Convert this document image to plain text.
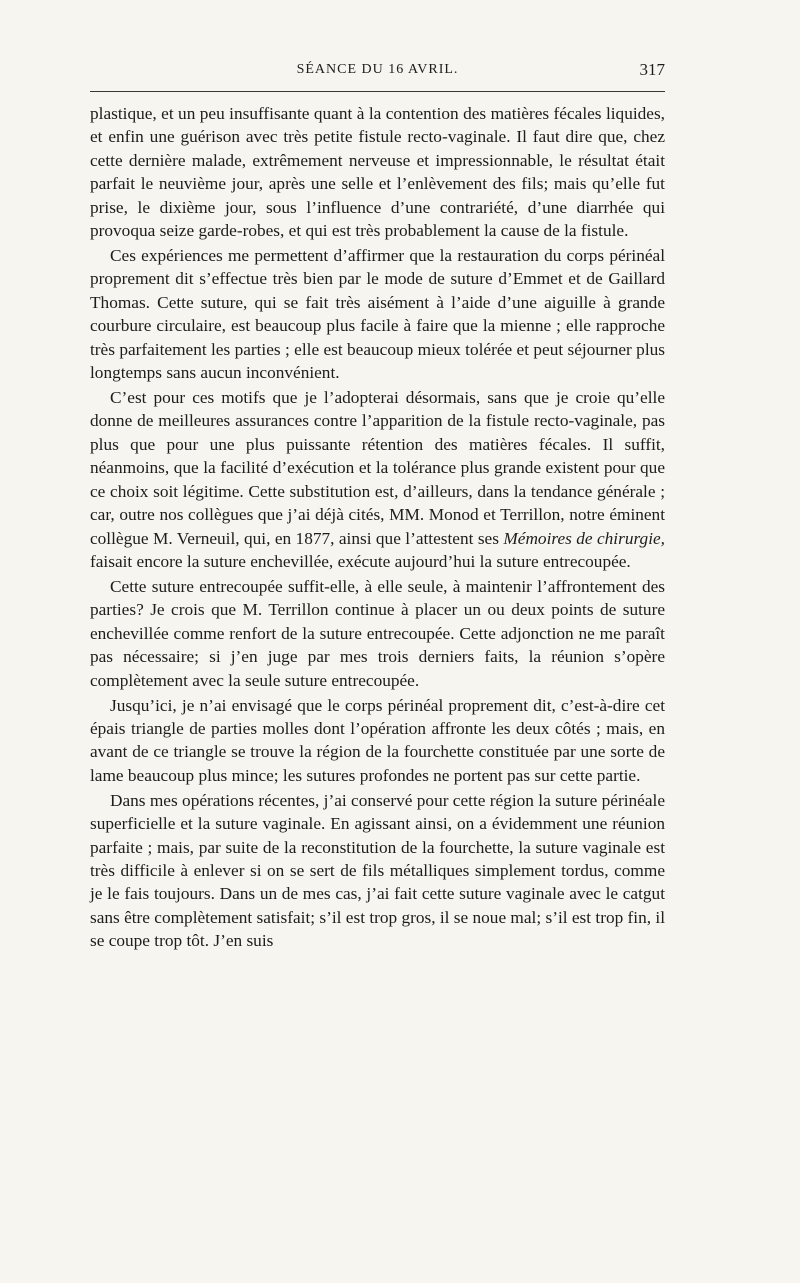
SÉANCE DU 16 AVRIL.	317

plastique, et un peu insuffisante quant à la contention des matières fécales liquides, et enfin une guérison avec très petite fistule recto-vaginale. Il faut dire que, chez cette dernière malade, extrêmement nerveuse et impressionnable, le résultat était parfait le neuvième jour, après une selle et l’enlèvement des fils; mais qu’elle fut prise, le dixième jour, sous l’influence d’une contrariété, d’une diarrhée qui provoqua seize garde-robes, et qui est très probablement la cause de la fistule.

Ces expériences me permettent d’affirmer que la restauration du corps périnéal proprement dit s’effectue très bien par le mode de suture d’Emmet et de Gaillard Thomas. Cette suture, qui se fait très aisément à l’aide d’une aiguille à grande courbure circulaire, est beaucoup plus facile à faire que la mienne ; elle rapproche très parfaitement les parties ; elle est beaucoup mieux tolérée et peut séjourner plus longtemps sans aucun inconvénient.

C’est pour ces motifs que je l’adopterai désormais, sans que je croie qu’elle donne de meilleures assurances contre l’apparition de la fistule recto-vaginale, pas plus que pour une plus puissante rétention des matières fécales. Il suffit, néanmoins, que la facilité d’exécution et la tolérance plus grande existent pour que ce choix soit légitime. Cette substitution est, d’ailleurs, dans la tendance générale ; car, outre nos collègues que j’ai déjà cités, MM. Monod et Terrillon, notre éminent collègue M. Verneuil, qui, en 1877, ainsi que l’attestent ses Mémoires de chirurgie, faisait encore la suture enchevillée, exécute aujourd’hui la suture entrecoupée.

Cette suture entrecoupée suffit-elle, à elle seule, à maintenir l’affrontement des parties? Je crois que M. Terrillon continue à placer un ou deux points de suture enchevillée comme renfort de la suture entrecoupée. Cette adjonction ne me paraît pas nécessaire; si j’en juge par mes trois derniers faits, la réunion s’opère complètement avec la seule suture entrecoupée.

Jusqu’ici, je n’ai envisagé que le corps périnéal proprement dit, c’est-à-dire cet épais triangle de parties molles dont l’opération affronte les deux côtés ; mais, en avant de ce triangle se trouve la région de la fourchette constituée par une sorte de lame beaucoup plus mince; les sutures profondes ne portent pas sur cette partie.

Dans mes opérations récentes, j’ai conservé pour cette région la suture périnéale superficielle et la suture vaginale. En agissant ainsi, on a évidemment une réunion parfaite ; mais, par suite de la reconstitution de la fourchette, la suture vaginale est très difficile à enlever si on se sert de fils métalliques simplement tordus, comme je le fais toujours. Dans un de mes cas, j’ai fait cette suture vaginale avec le catgut sans être complètement satisfait; s’il est trop gros, il se noue mal; s’il est trop fin, il se coupe trop tôt. J’en suis
